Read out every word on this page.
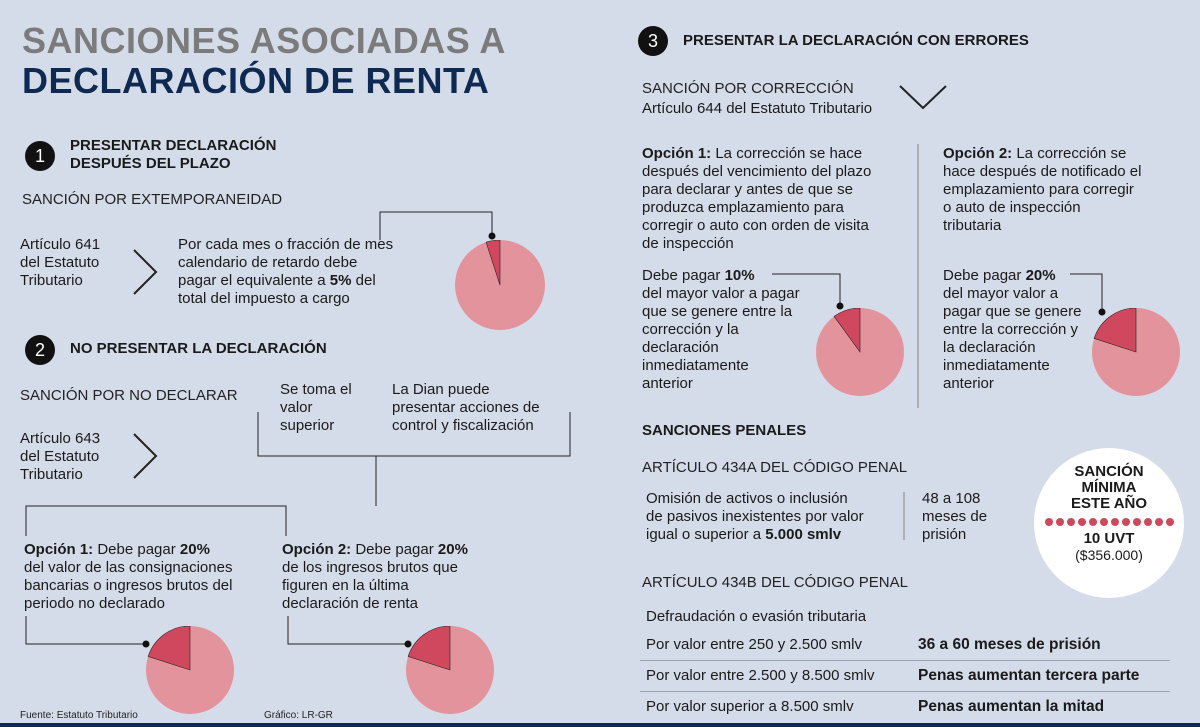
SANCIONES ASOCIADAS A
DECLARACIÓN DE RENTA
1
PRESENTAR DECLARACIÓN
DESPUÉS DEL PLAZO
SANCIÓN POR EXTEMPORANEIDAD
Artículo 641
del Estatuto
Tributario
Por cada mes o fracción de mes
calendario de retardo debe
pagar el equivalente a 5% del
total del impuesto a cargo
2	NO PRESENTAR LA DECLARACIÓN
SANCIÓN POR NO DECLARAR
Artículo 643
del Estatuto
Tributario
Se toma el
valor
superior
La Dian puede
presentar acciones de
control y fiscalización
Opción 1: Debe pagar 20%
del valor de las consignaciones
bancarias o ingresos brutos del
periodo no declarado
Opción 2: Debe pagar 20%
de los ingresos brutos que
figuren en la última
declaración de renta
3	PRESENTAR LA DECLARACIÓN CON ERRORES
SANCIÓN POR CORRECCIÓN
Artículo 644 del Estatuto Tributario
Opción 1: La corrección se hace
después del vencimiento del plazo
para declarar y antes de que se
produzca emplazamiento para
corregir o auto con orden de visita
de inspección
Debe pagar 10%
del mayor valor a pagar
que se genere entre la
corrección y la
declaración
inmediatamente
anterior
Opción 2: La corrección se
hace después de notificado el
emplazamiento para corregir
o auto de inspección
tributaria
Debe pagar 20%
del mayor valor a
pagar que se genere
entre la corrección y
la declaración
inmediatamente
anterior
SANCIONES PENALES
ARTÍCULO 434A DEL CÓDIGO PENAL
Omisión de activos o inclusión
de pasivos inexistentes por valor
igual o superior a 5.000 smlv
48 a 108
meses de
prisión
ARTÍCULO 434B DEL CÓDIGO PENAL
Defraudación o evasión tributaria
Por valor entre 250 y 2.500 smlv	36 a 60 meses de prisión
Por valor entre 2.500 y 8.500 smlv	Penas aumentan tercera parte
Por valor superior a 8.500 smlv	Penas aumentan la mitad
SANCIÓN
MÍNIMA
ESTE AÑO
10 UVT
($356.000)
Fuente: Estatuto Tributario	Gráfico: LR-GR
